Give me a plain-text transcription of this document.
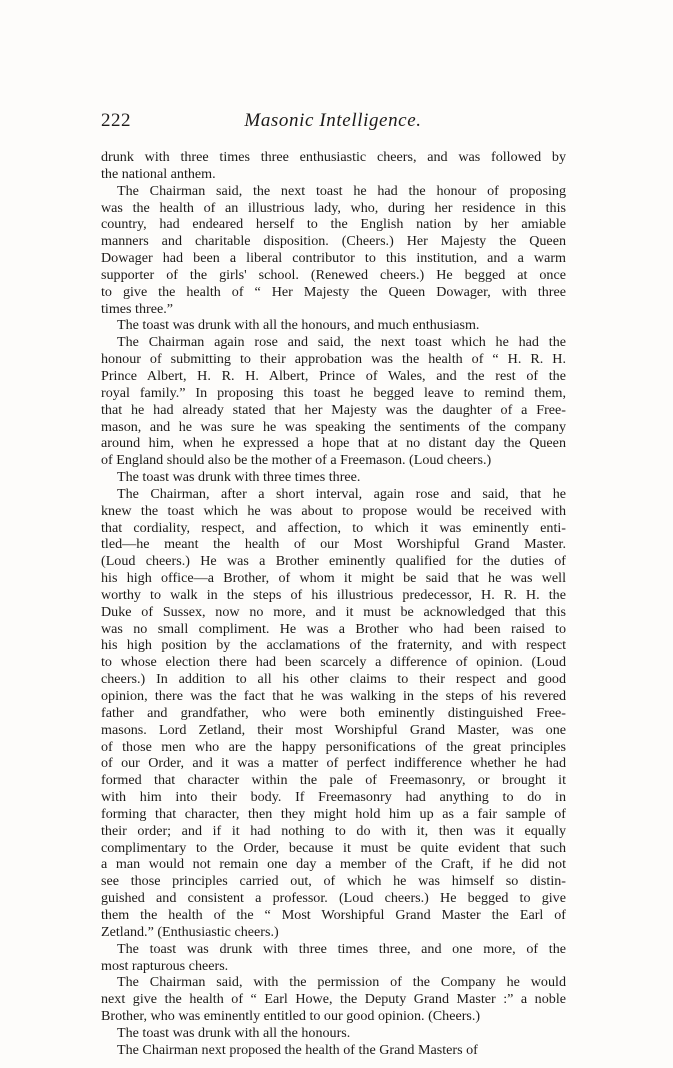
222	Masonic Intelligence.
drunk with three times three enthusiastic cheers, and was followed by
the national anthem.
The Chairman said, the next toast he had the honour of proposing
was the health of an illustrious lady, who, during her residence in this
country, had endeared herself to the English nation by her amiable
manners and charitable disposition. (Cheers.) Her Majesty the Queen
Dowager had been a liberal contributor to this institution, and a warm
supporter of the girls' school. (Renewed cheers.) He begged at once
to give the health of “ Her Majesty the Queen Dowager, with three
times three.”
The toast was drunk with all the honours, and much enthusiasm.
The Chairman again rose and said, the next toast which he had the
honour of submitting to their approbation was the health of “ H. R. H.
Prince Albert, H. R. H. Albert, Prince of Wales, and the rest of the
royal family.” In proposing this toast he begged leave to remind them,
that he had already stated that her Majesty was the daughter of a Free-
mason, and he was sure he was speaking the sentiments of the company
around him, when he expressed a hope that at no distant day the Queen
of England should also be the mother of a Freemason. (Loud cheers.)
The toast was drunk with three times three.
The Chairman, after a short interval, again rose and said, that he
knew the toast which he was about to propose would be received with
that cordiality, respect, and affection, to which it was eminently enti-
tled—he meant the health of our Most Worshipful Grand Master.
(Loud cheers.) He was a Brother eminently qualified for the duties of
his high office—a Brother, of whom it might be said that he was well
worthy to walk in the steps of his illustrious predecessor, H. R. H. the
Duke of Sussex, now no more, and it must be acknowledged that this
was no small compliment. He was a Brother who had been raised to
his high position by the acclamations of the fraternity, and with respect
to whose election there had been scarcely a difference of opinion. (Loud
cheers.) In addition to all his other claims to their respect and good
opinion, there was the fact that he was walking in the steps of his revered
father and grandfather, who were both eminently distinguished Free-
masons. Lord Zetland, their most Worshipful Grand Master, was one
of those men who are the happy personifications of the great principles
of our Order, and it was a matter of perfect indifference whether he had
formed that character within the pale of Freemasonry, or brought it
with him into their body. If Freemasonry had anything to do in
forming that character, then they might hold him up as a fair sample of
their order; and if it had nothing to do with it, then was it equally
complimentary to the Order, because it must be quite evident that such
a man would not remain one day a member of the Craft, if he did not
see those principles carried out, of which he was himself so distin-
guished and consistent a professor. (Loud cheers.) He begged to give
them the health of the “ Most Worshipful Grand Master the Earl of
Zetland.” (Enthusiastic cheers.)
The toast was drunk with three times three, and one more, of the
most rapturous cheers.
The Chairman said, with the permission of the Company he would
next give the health of “ Earl Howe, the Deputy Grand Master :” a noble
Brother, who was eminently entitled to our good opinion. (Cheers.)
The toast was drunk with all the honours.
The Chairman next proposed the health of the Grand Masters of
